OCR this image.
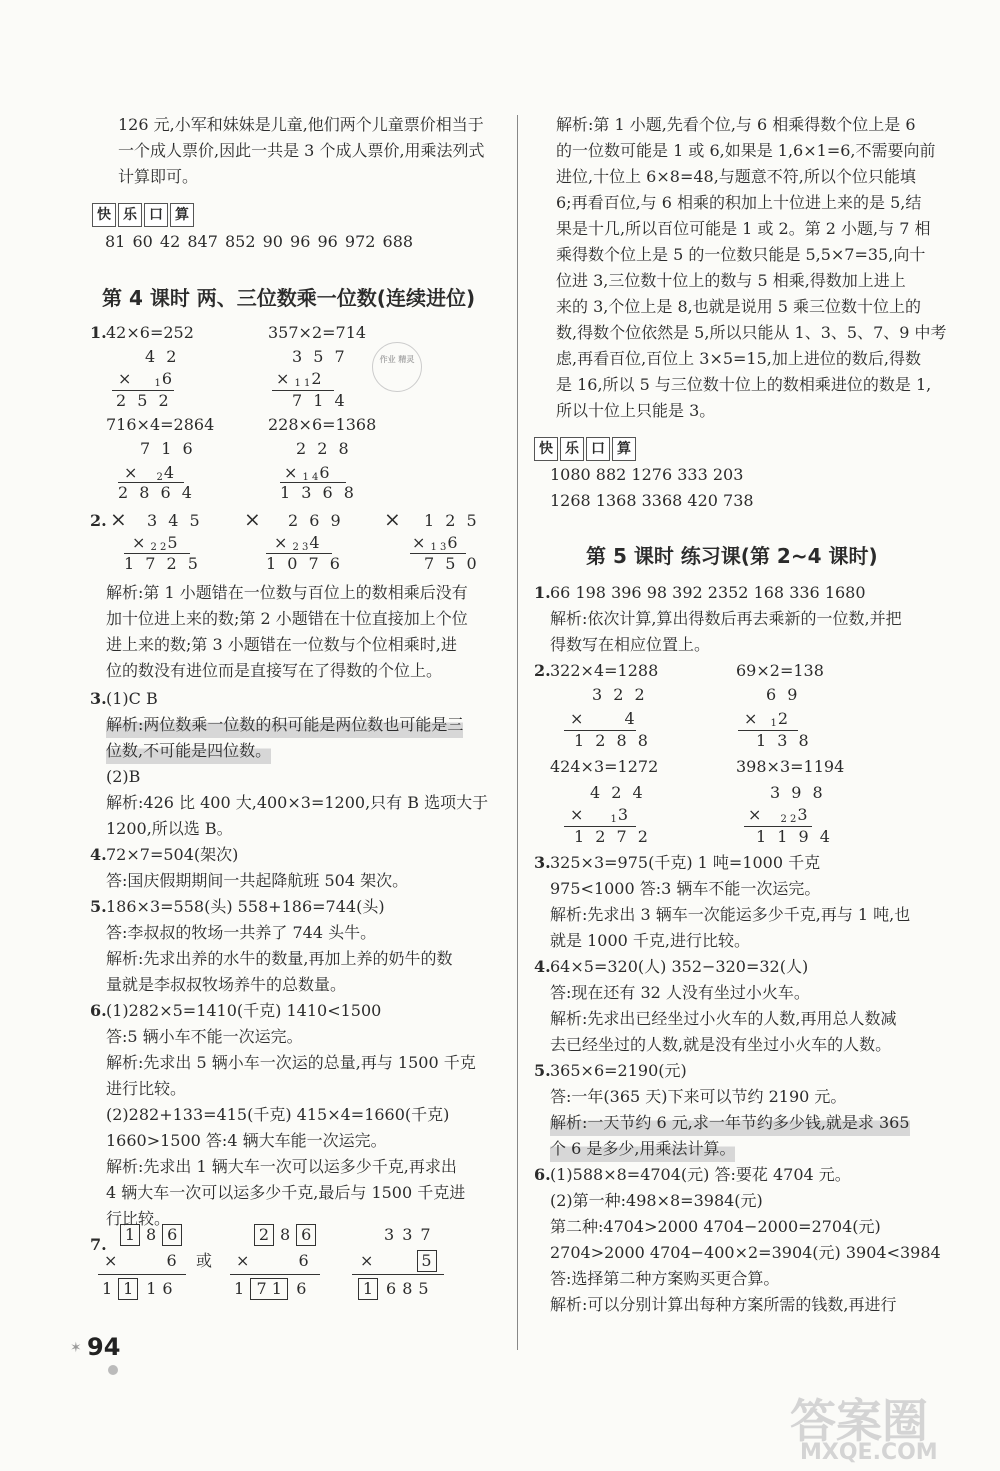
126 元,小军和妹妹是儿童,他们两个儿童票价相当于
一个成人票价,因此一共是 3 个成人票价,用乘法列式
计算即可。
快 乐 口 算
81 60 42 847 852 90 96 96 972 688
第 4 课时 两、三位数乘一位数(连续进位)
1. 42×6=252
4 2
× $_1$6
2 5 2
357×2=714
3 5 7
× $_{1 1}$2
7 1 4
716×4=2864
7 1 6
× $_2$4
2 8 6 4
228×6=1368
2 2 8
× $_{1 4}$6
1 3 6 8
2. × 3 4 5
× $_{2 2}$5
1 7 2 5
× 2 6 9
× $_{2 3}$4
1 0 7 6
× 1 2 5
× $_{1 3}$6
7 5 0
解析:第 1 小题错在一位数与百位上的数相乘后没有
加十位进上来的数;第 2 小题错在十位直接加上个位
进上来的数;第 3 小题错在一位数与个位相乘时,进
位的数没有进位而是直接写在了得数的个位上。
3. (1)C B
解析:两位数乘一位数的积可能是两位数也可能是三
位数,不可能是四位数。
(2)B
解析:426 比 400 大,400×3=1200,只有 B 选项大于
1200,所以选 B。
4. 72×7=504(架次)
答:国庆假期期间一共起降航班 504 架次。
5. 186×3=558(头) 558+186=744(头)
答:李叔叔的牧场一共养了 744 头牛。
解析:先求出养的水牛的数量,再加上养的奶牛的数
量就是李叔叔牧场养牛的总数量。
6. (1)282×5=1410(千克) 1410<1500
答:5 辆小车不能一次运完。
解析:先求出 5 辆小车一次运的总量,再与 1500 千克
进行比较。
(2)282+133=415(千克) 415×4=1660(千克)
1660>1500 答:4 辆大车能一次运完。
解析:先求出 1 辆大车一次可以运多少千克,再求出
4 辆大车一次可以运多少千克,最后与 1500 千克进
行比较。
7.
1 8 6
×	6
1 1 1 6
或
2 8 6
×	6
1 7 1 6
337
×	5
1 6 8 5
✶ 94
解析:第 1 小题,先看个位,与 6 相乘得数个位上是 6
的一位数可能是 1 或 6,如果是 1,6×1=6,不需要向前
进位,十位上 6×8=48,与题意不符,所以个位只能填
6;再看百位,与 6 相乘的积加上十位进上来的是 5,结
果是十几,所以百位可能是 1 或 2。第 2 小题,与 7 相
乘得数个位上是 5 的一位数只能是 5,5×7=35,向十
位进 3,三位数十位上的数与 5 相乘,得数加上进上
来的 3,个位上是 8,也就是说用 5 乘三位数十位上的
数,得数个位依然是 5,所以只能从 1、3、5、7、9 中考
虑,再看百位,百位上 3×5=15,加上进位的数后,得数
是 16,所以 5 与三位数十位上的数相乘进位的数是 1,
所以十位上只能是 3。
快 乐 口 算
1080 882 1276 333 203
1268 1368 3368 420 738
第 5 课时 练习课(第 2~4 课时)
1. 66 198 396 98 392 2352 168 336 1680
解析:依次计算,算出得数后再去乘新的一位数,并把
得数写在相应位置上。
2. 322×4=1288
3 2 2
× 4
1 2 8 8
69×2=138
6 9
× $_1$2
1 3 8
424×3=1272
4 2 4
× $_1$3
1 2 7 2
398×3=1194
3 9 8
× $_{2 2}$3
1 1 9 4
3. 325×3=975(千克) 1 吨=1000 千克
975<1000 答:3 辆车不能一次运完。
解析:先求出 3 辆车一次能运多少千克,再与 1 吨,也
就是 1000 千克,进行比较。
4. 64×5=320(人) 352−320=32(人)
答:现在还有 32 人没有坐过小火车。
解析:先求出已经坐过小火车的人数,再用总人数减
去已经坐过的人数,就是没有坐过小火车的人数。
5. 365×6=2190(元)
答:一年(365 天)下来可以节约 2190 元。
解析:一天节约 6 元,求一年节约多少钱,就是求 365
个 6 是多少,用乘法计算。
6. (1)588×8=4704(元) 答:要花 4704 元。
(2)第一种:498×8=3984(元)
第二种:4704>2000 4704−2000=2704(元)
2704>2000 4704−400×2=3904(元) 3904<3984
答:选择第二种方案购买更合算。
解析:可以分别计算出每种方案所需的钱数,再进行
作业 精灵
答案圈
MXQE.COM
